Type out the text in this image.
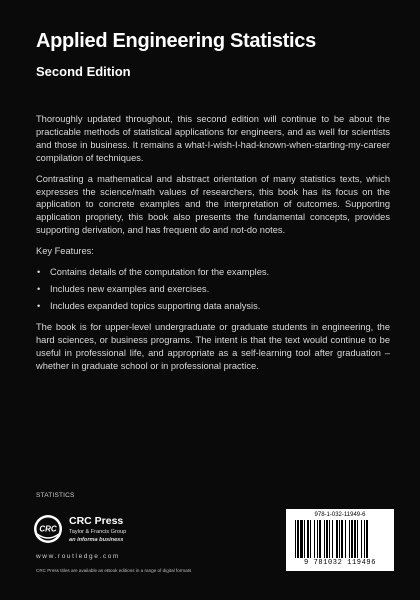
Applied Engineering Statistics
Second Edition

Thoroughly updated throughout, this second edition will continue to be about the practicable methods of statistical applications for engineers, and as well for scientists and those in business. It remains a what-I-wish-I-had-known-when-starting-my-career compilation of techniques.

Contrasting a mathematical and abstract orientation of many statistics texts, which expresses the science/math values of researchers, this book has its focus on the application to concrete examples and the interpretation of outcomes. Supporting application propriety, this book also presents the fundamental concepts, provides supporting derivation, and has frequent do and not-do notes.

Key Features:

• Contains details of the computation for the examples.
• Includes new examples and exercises.
• Includes expanded topics supporting data analysis.

The book is for upper-level undergraduate or graduate students in engineering, the hard sciences, or business programs. The intent is that the text would continue to be useful in professional life, and appropriate as a self-learning tool after graduation – whether in graduate school or in professional practice.

STATISTICS
CRC
CRC Press
Taylor & Francis Group
an informa business
www.routledge.com
CRC Press titles are available as eBook editions in a range of digital formats
978-1-032-11949-6
9 781032 119496
